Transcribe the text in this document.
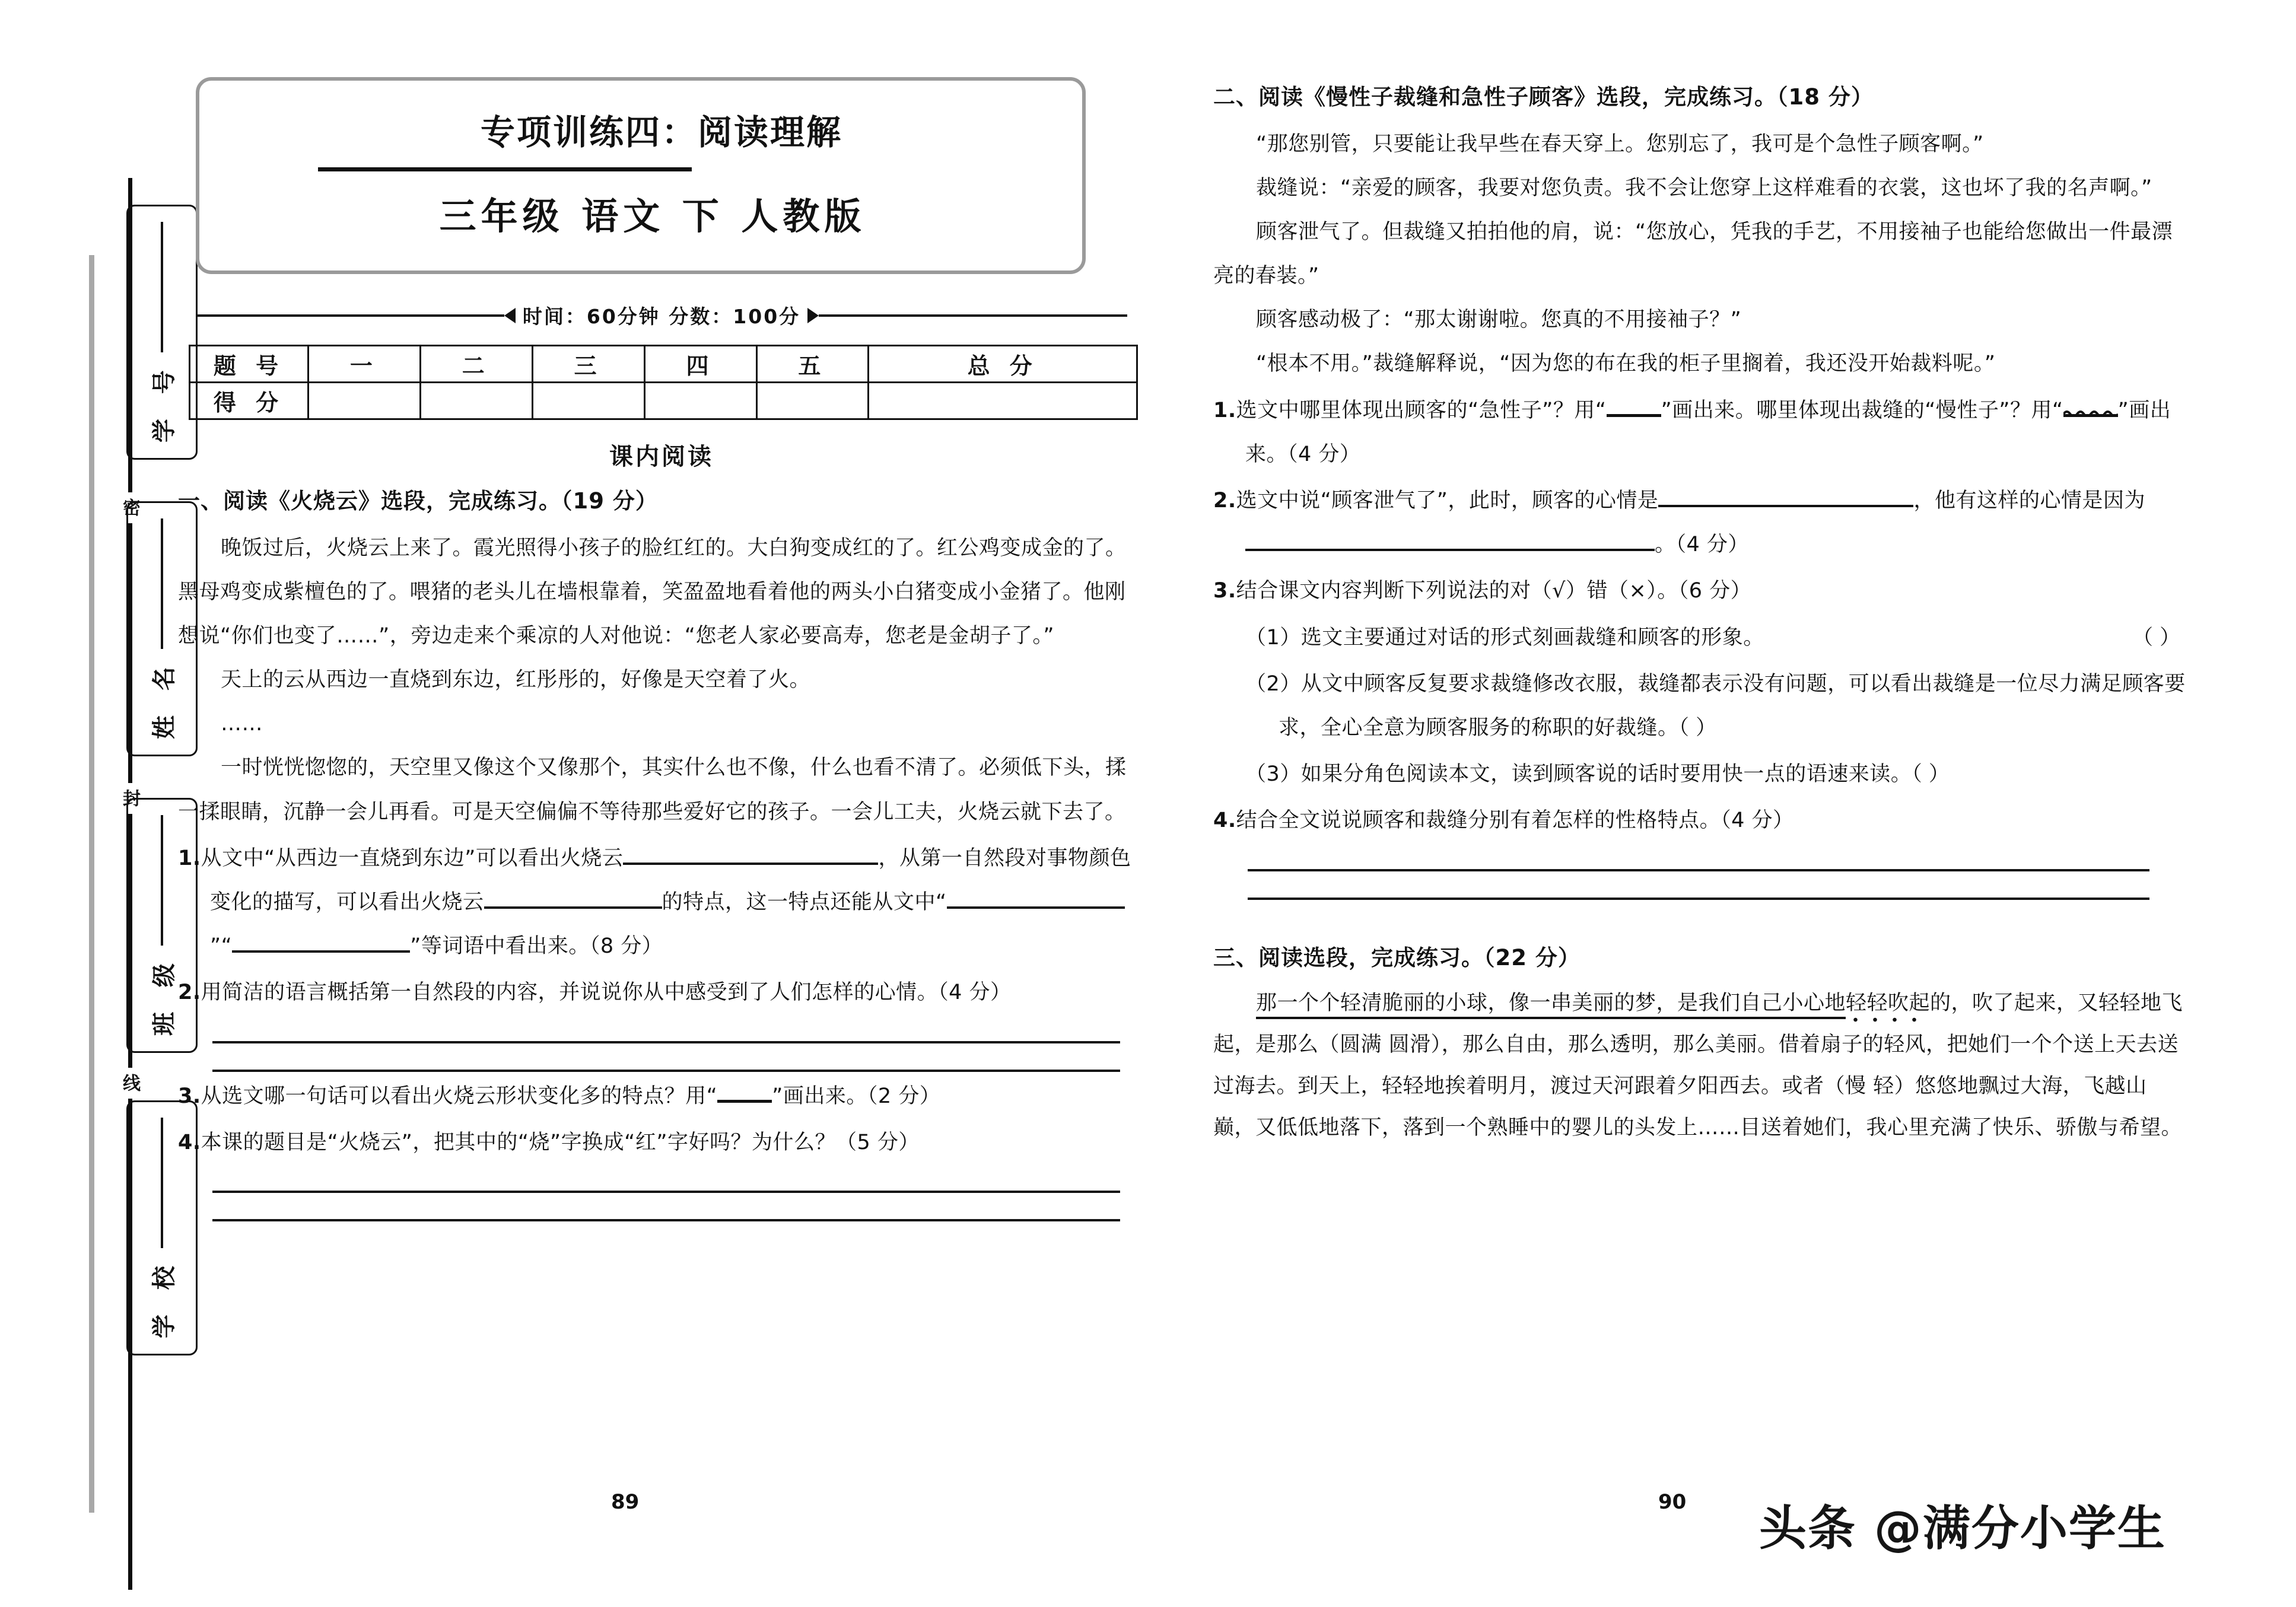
密
封
线
学 号
姓 名
班 级
学 校
专项训练四：阅读理解
三年级 语文 下 人教版
时间：60分钟 分数：100分
题 号	一	二	三	四	五	总 分
得 分						
课内阅读
一、阅读《火烧云》选段，完成练习。（19 分）
晚饭过后，火烧云上来了。霞光照得小孩子的脸红红的。大白狗变成红的了。红公鸡变成金的了。黑母鸡变成紫檀色的了。喂猪的老头儿在墙根靠着，笑盈盈地看着他的两头小白猪变成小金猪了。他刚想说“你们也变了……”，旁边走来个乘凉的人对他说：“您老人家必要高寿，您老是金胡子了。”
天上的云从西边一直烧到东边，红彤彤的，好像是天空着了火。
……
一时恍恍惚惚的，天空里又像这个又像那个，其实什么也不像，什么也看不清了。必须低下头，揉一揉眼睛，沉静一会儿再看。可是天空偏偏不等待那些爱好它的孩子。一会儿工夫，火烧云就下去了。
1.从文中“从西边一直烧到东边”可以看出火烧云	，从第一自然段对事物颜色变化的描写，可以看出火烧云	的特点，这一特点还能从文中“”“	”等词语中看出来。（8 分）
2.用简洁的语言概括第一自然段的内容，并说说你从中感受到了人们怎样的心情。（4 分）
3.从选文哪一句话可以看出火烧云形状变化多的特点？用“	”画出来。（2 分）
4.本课的题目是“火烧云”，把其中的“烧”字换成“红”字好吗？为什么？（5 分）
二、阅读《慢性子裁缝和急性子顾客》选段，完成练习。（18 分）
“那您别管，只要能让我早些在春天穿上。您别忘了，我可是个急性子顾客啊。”
裁缝说：“亲爱的顾客，我要对您负责。我不会让您穿上这样难看的衣裳，这也坏了我的名声啊。”
顾客泄气了。但裁缝又拍拍他的肩，说：“您放心，凭我的手艺，不用接袖子也能给您做出一件最漂亮的春装。”
顾客感动极了：“那太谢谢啦。您真的不用接袖子？”
“根本不用。”裁缝解释说，“因为您的布在我的柜子里搁着，我还没开始裁料呢。”
1.选文中哪里体现出顾客的“急性子”？用“	”画出来。哪里体现出裁缝的“慢性子”？用“	”画出来。（4 分）
2.选文中说“顾客泄气了”，此时，顾客的心情是	，他有这样的心情是因为。（4 分）
3.结合课文内容判断下列说法的对（√）错（×）。（6 分）
（1）选文主要通过对话的形式刻画裁缝和顾客的形象。	（ ）
（2）从文中顾客反复要求裁缝修改衣服，裁缝都表示没有问题，可以看出裁缝是一位尽力满足顾客要求，全心全意为顾客服务的称职的好裁缝。（ ）
（3）如果分角色阅读本文，读到顾客说的话时要用快一点的语速来读。（ ）
4.结合全文说说顾客和裁缝分别有着怎样的性格特点。（4 分）
三、阅读选段，完成练习。（22 分）
那一个个轻清脆丽的小球，像一串美丽的梦，是我们自己小心地轻轻吹起的，吹了起来，又轻轻地飞起，是那么（圆满 圆滑），那么自由，那么透明，那么美丽。借着扇子的轻风，把她们一个个送上天去送过海去。到天上，轻轻地挨着明月，渡过天河跟着夕阳西去。或者（慢 轻）悠悠地飘过大海，飞越山巅，又低低地落下，落到一个熟睡中的婴儿的头发上……目送着她们，我心里充满了快乐、骄傲与希望。
89	90 头条 @满分小学生
